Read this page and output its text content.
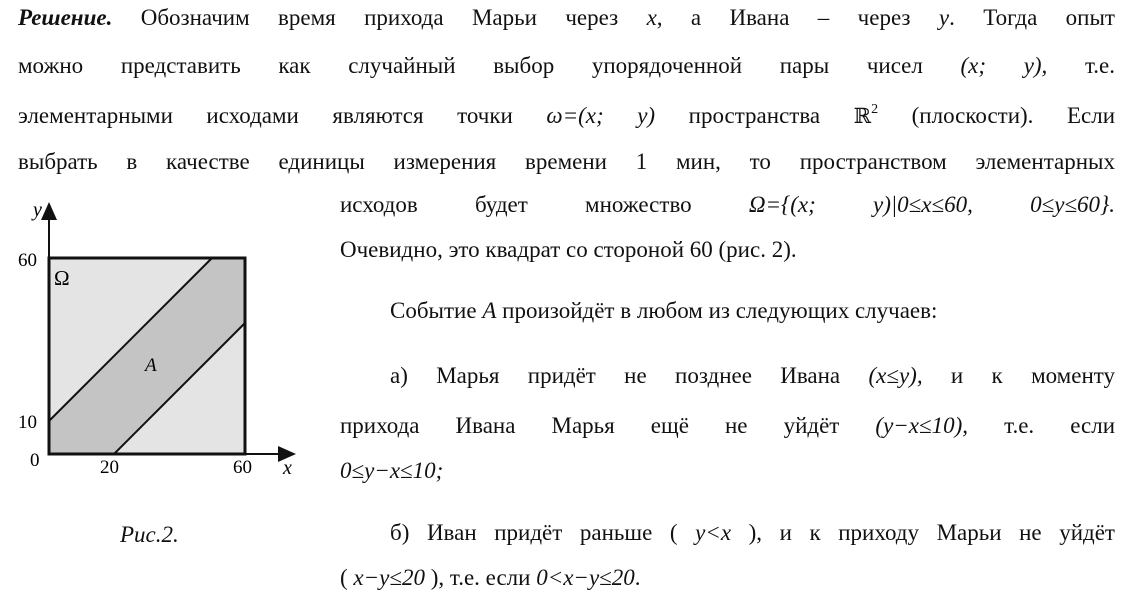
Решение. Обозначим время прихода Марьи через x, а Ивана – через y. Тогда опыт
можно представить как случайный выбор упорядоченной пары чисел (x; y), т.е.
элементарными исходами являются точки ω=(x; y) пространства ℝ$^2$ (плоскости). Если
выбрать в качестве единицы измерения времени 1 мин, то пространством элементарных
исходов будет множество Ω={(x; y)|0≤x≤60, 0≤y≤60}.
Очевидно, это квадрат со стороной 60 (рис. 2).
Событие A произойдёт в любом из следующих случаев:
а) Марья придёт не позднее Ивана (x≤y), и к моменту
прихода Ивана Марья ещё не уйдёт (y−x≤10), т.е. если
0≤y−x≤10;
б) Иван придёт раньше ( y<x ), и к приходу Марьи не уйдёт
( x−y≤20 ), т.е. если 0<x−y≤20.
y
x
60
10
0	20	60
Ω
A
Рис.2.
